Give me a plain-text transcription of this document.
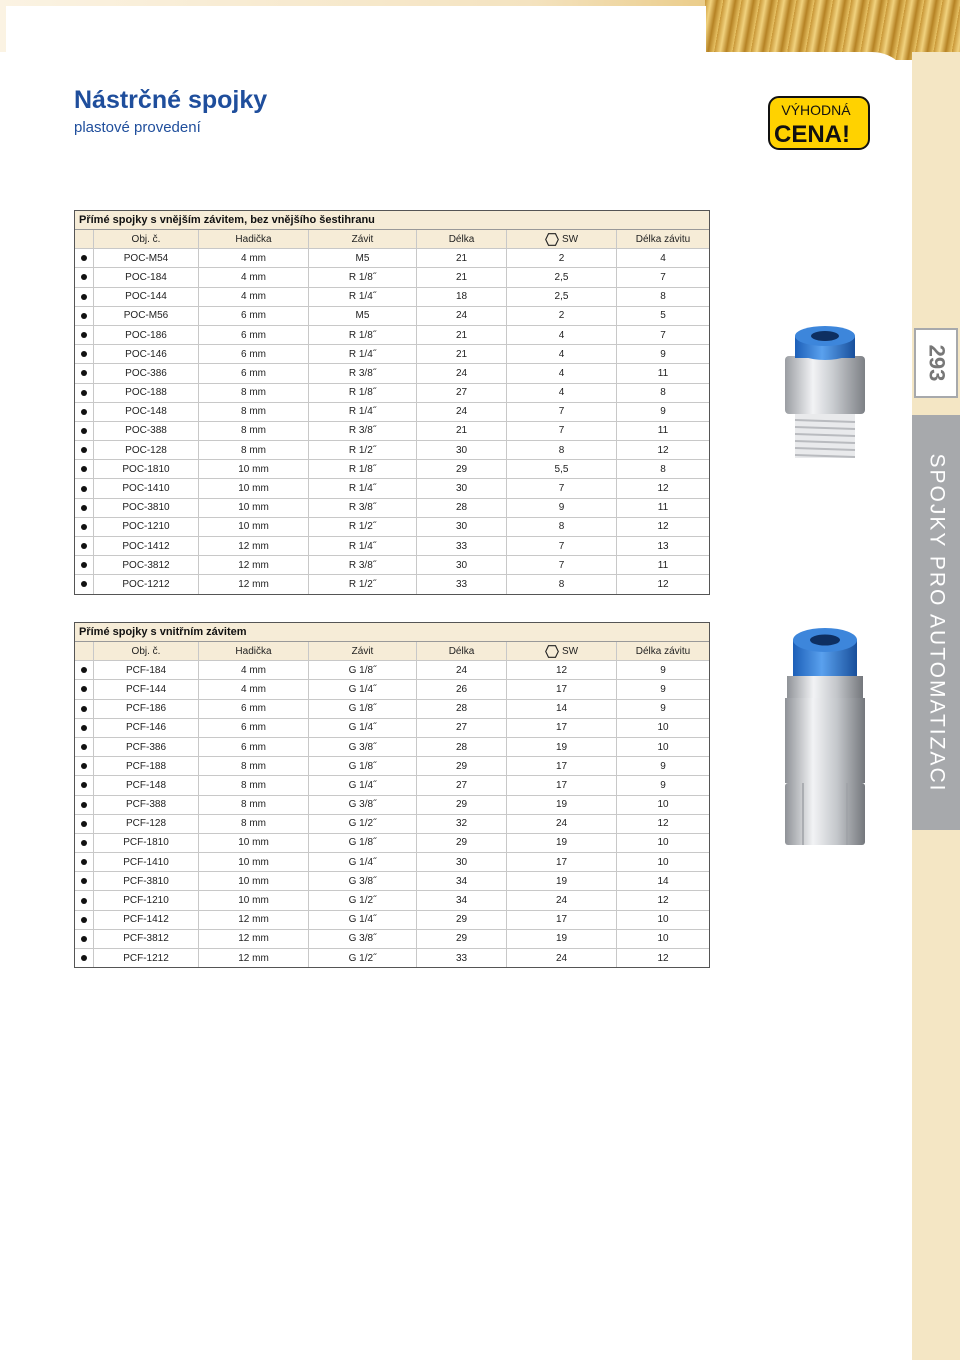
293
SPOJKY PRO AUTOMATIZACI
Nástrčné spojky
plastové provedení
VÝHODNÁ
CENA!
Přímé spojky s vnějším závitem, bez vnějšího šestihranu
Obj. č.	Hadička	Závit	Délka	SW	Délka závitu
POC-M54	4 mm	M5	21	2	4
POC-184	4 mm	R 1/8˝	21	2,5	7
POC-144	4 mm	R 1/4˝	18	2,5	8
POC-M56	6 mm	M5	24	2	5
POC-186	6 mm	R 1/8˝	21	4	7
POC-146	6 mm	R 1/4˝	21	4	9
POC-386	6 mm	R 3/8˝	24	4	11
POC-188	8 mm	R 1/8˝	27	4	8
POC-148	8 mm	R 1/4˝	24	7	9
POC-388	8 mm	R 3/8˝	21	7	11
POC-128	8 mm	R 1/2˝	30	8	12
POC-1810	10 mm	R 1/8˝	29	5,5	8
POC-1410	10 mm	R 1/4˝	30	7	12
POC-3810	10 mm	R 3/8˝	28	9	11
POC-1210	10 mm	R 1/2˝	30	8	12
POC-1412	12 mm	R 1/4˝	33	7	13
POC-3812	12 mm	R 3/8˝	30	7	11
POC-1212	12 mm	R 1/2˝	33	8	12
Přímé spojky s vnitřním závitem
Obj. č.	Hadička	Závit	Délka	SW	Délka závitu
PCF-184	4 mm	G 1/8˝	24	12	9
PCF-144	4 mm	G 1/4˝	26	17	9
PCF-186	6 mm	G 1/8˝	28	14	9
PCF-146	6 mm	G 1/4˝	27	17	10
PCF-386	6 mm	G 3/8˝	28	19	10
PCF-188	8 mm	G 1/8˝	29	17	9
PCF-148	8 mm	G 1/4˝	27	17	9
PCF-388	8 mm	G 3/8˝	29	19	10
PCF-128	8 mm	G 1/2˝	32	24	12
PCF-1810	10 mm	G 1/8˝	29	19	10
PCF-1410	10 mm	G 1/4˝	30	17	10
PCF-3810	10 mm	G 3/8˝	34	19	14
PCF-1210	10 mm	G 1/2˝	34	24	12
PCF-1412	12 mm	G 1/4˝	29	17	10
PCF-3812	12 mm	G 3/8˝	29	19	10
PCF-1212	12 mm	G 1/2˝	33	24	12
